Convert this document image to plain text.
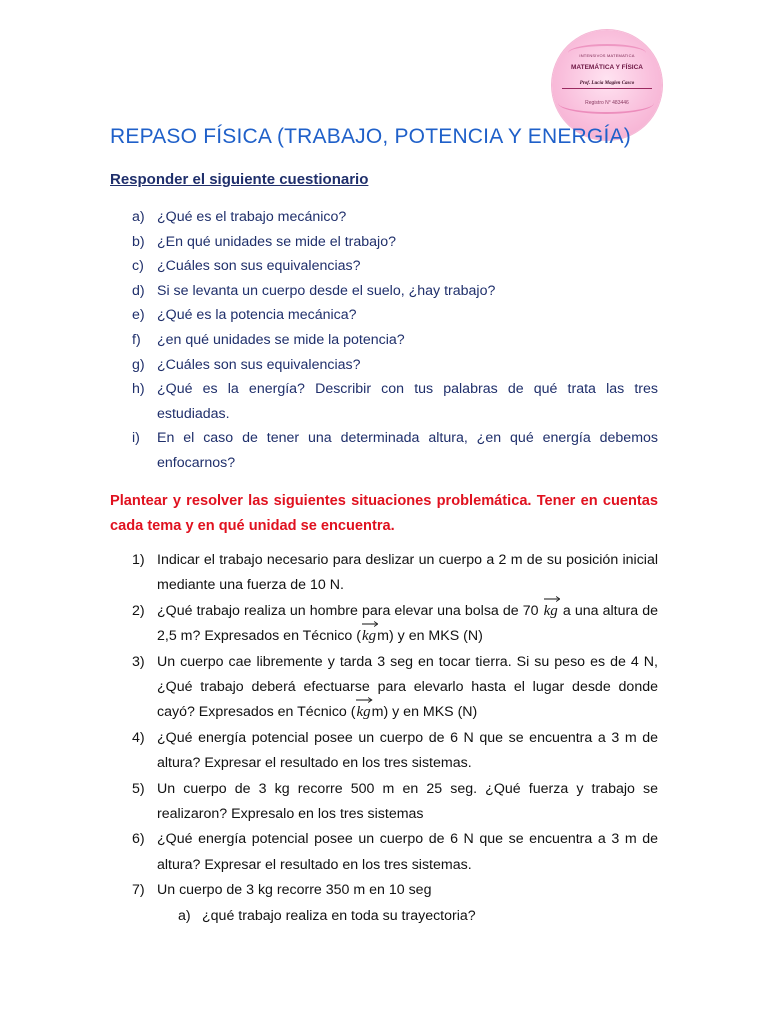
INTENSIVOS MATEMATICA
MATEMÁTICA Y FÍSICA
Prof. Lucía Maglen Casco
Registro N° 483446
REPASO FÍSICA (TRABAJO, POTENCIA Y ENERGÍA)
Responder el siguiente cuestionario
a) ¿Qué es el trabajo mecánico?
b) ¿En qué unidades se mide el trabajo?
c) ¿Cuáles son sus equivalencias?
d) Si se levanta un cuerpo desde el suelo, ¿hay trabajo?
e) ¿Qué es la potencia mecánica?
f) ¿en qué unidades se mide la potencia?
g) ¿Cuáles son sus equivalencias?
h) ¿Qué es la energía? Describir con tus palabras de qué trata las tres estudiadas.
i) En el caso de tener una determinada altura, ¿en qué energía debemos enfocarnos?
Plantear y resolver las siguientes situaciones problemática. Tener en cuentas cada tema y en qué unidad se encuentra.
1) Indicar el trabajo necesario para deslizar un cuerpo a 2 m de su posición inicial mediante una fuerza de 10 N.
2) ¿Qué trabajo realiza un hombre para elevar una bolsa de 70 kg a una altura de 2,5 m? Expresados en Técnico (
kgm) y en MKS (N)
3) Un cuerpo cae libremente y tarda 3 seg en tocar tierra. Si su peso es de 4 N, ¿Qué trabajo deberá efectuarse para elevarlo hasta el lugar desde donde cayó? Expresados en Técnico (
kgm) y en MKS (N)
4) ¿Qué energía potencial posee un cuerpo de 6 N que se encuentra a 3 m de altura? Expresar el resultado en los tres sistemas.
5) Un cuerpo de 3 kg recorre 500 m en 25 seg. ¿Qué fuerza y trabajo se realizaron? Expresalo en los tres sistemas
6) ¿Qué energía potencial posee un cuerpo de 6 N que se encuentra a 3 m de altura? Expresar el resultado en los tres sistemas.
7) Un cuerpo de 3 kg recorre 350 m en 10 seg
a) ¿qué trabajo realiza en toda su trayectoria?
